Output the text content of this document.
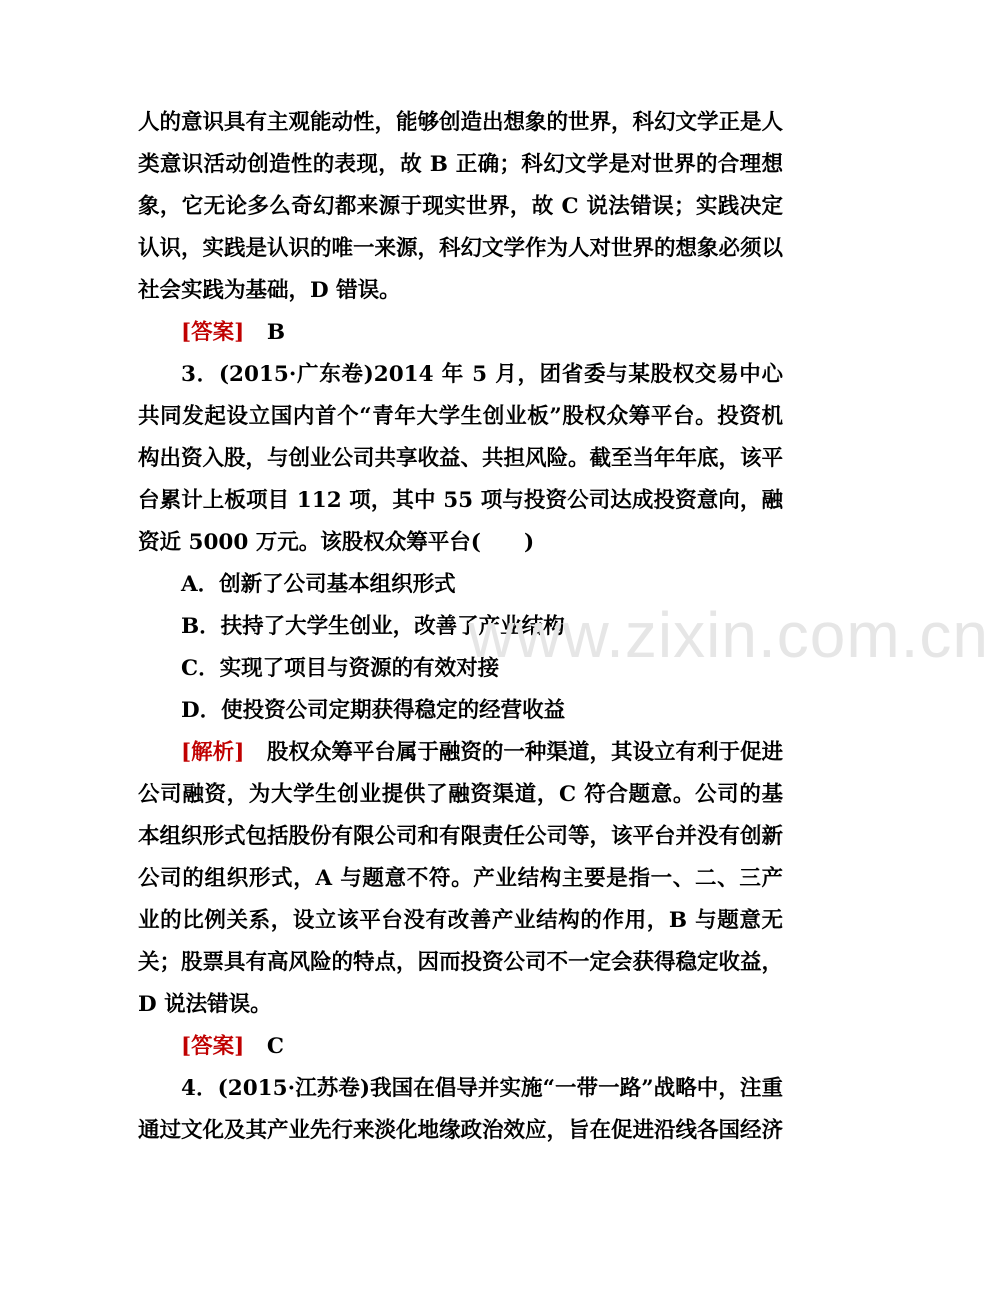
人的意识具有主观能动性，能够创造出想象的世界，科幻文学正是人类意识活动创造性的表现，故 B 正确；科幻文学是对世界的合理想象，它无论多么奇幻都来源于现实世界，故 C 说法错误；实践决定认识，实践是认识的唯一来源，科幻文学作为人对世界的想象必须以社会实践为基础，D 错误。

[答案] B

3．(2015·广东卷)2014 年 5 月，团省委与某股权交易中心共同发起设立国内首个“青年大学生创业板”股权众筹平台。投资机构出资入股，与创业公司共享收益、共担风险。截至当年年底，该平台累计上板项目 112 项，其中 55 项与投资公司达成投资意向，融资近 5000 万元。该股权众筹平台(　　)

A．创新了公司基本组织形式

B．扶持了大学生创业，改善了产业结构

C．实现了项目与资源的有效对接

D．使投资公司定期获得稳定的经营收益

[解析] 股权众筹平台属于融资的一种渠道，其设立有利于促进公司融资，为大学生创业提供了融资渠道，C 符合题意。公司的基本组织形式包括股份有限公司和有限责任公司等，该平台并没有创新公司的组织形式，A 与题意不符。产业结构主要是指一、二、三产业的比例关系，设立该平台没有改善产业结构的作用，B 与题意无关；股票具有高风险的特点，因而投资公司不一定会获得稳定收益，D 说法错误。

[答案] C

4．(2015·江苏卷)我国在倡导并实施“一带一路”战略中，注重通过文化及其产业先行来淡化地缘政治效应，旨在促进沿线各国经济

www.zixin.com.cn
